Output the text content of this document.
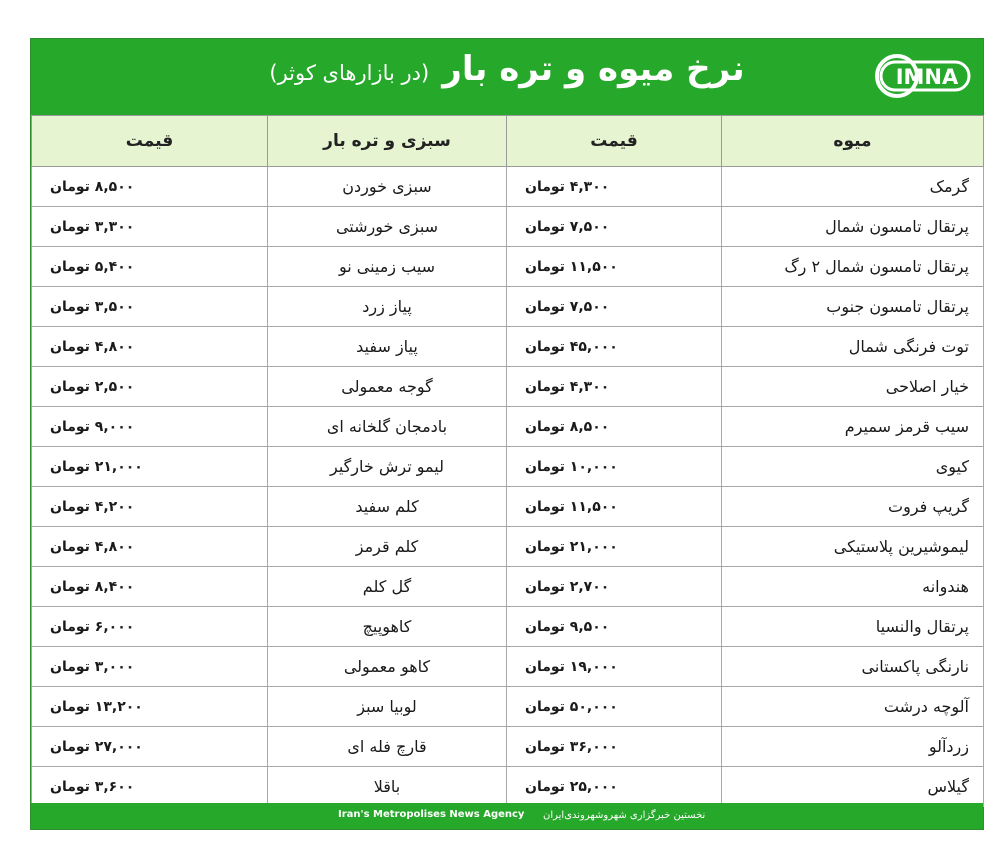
نرخ میوه و تره بار (در بازارهای کوثر)	IMNA
میوه	قیمت	سبزی و تره بار	قیمت
گرمک	۴,۳۰۰ تومان	سبزی خوردن	۸,۵۰۰ تومان
پرتقال تامسون شمال	۷,۵۰۰ تومان	سبزی خورشتی	۳,۳۰۰ تومان
پرتقال تامسون شمال ۲ رگ	۱۱,۵۰۰ تومان	سیب زمینی نو	۵,۴۰۰ تومان
پرتقال تامسون جنوب	۷,۵۰۰ تومان	پیاز زرد	۳,۵۰۰ تومان
توت فرنگی شمال	۴۵,۰۰۰ تومان	پیاز سفید	۴,۸۰۰ تومان
خیار اصلاحی	۴,۳۰۰ تومان	گوجه معمولی	۲,۵۰۰ تومان
سیب قرمز سمیرم	۸,۵۰۰ تومان	بادمجان گلخانه ای	۹,۰۰۰ تومان
کیوی	۱۰,۰۰۰ تومان	لیمو ترش خارگیر	۲۱,۰۰۰ تومان
گریپ فروت	۱۱,۵۰۰ تومان	کلم سفید	۴,۲۰۰ تومان
لیموشیرین پلاستیکی	۲۱,۰۰۰ تومان	کلم قرمز	۴,۸۰۰ تومان
هندوانه	۲,۷۰۰ تومان	گل کلم	۸,۴۰۰ تومان
پرتقال والنسیا	۹,۵۰۰ تومان	کاهوپیچ	۶,۰۰۰ تومان
نارنگی پاکستانی	۱۹,۰۰۰ تومان	کاهو معمولی	۳,۰۰۰ تومان
آلوچه درشت	۵۰,۰۰۰ تومان	لوبیا سبز	۱۳,۲۰۰ تومان
زردآلو	۳۶,۰۰۰ تومان	قارچ فله ای	۲۷,۰۰۰ تومان
گیلاس	۲۵,۰۰۰ تومان	باقلا	۳,۶۰۰ تومان
نخستین خبرگزاری شهروشهروندی‌ایران
Iran's Metropolises News Agency
